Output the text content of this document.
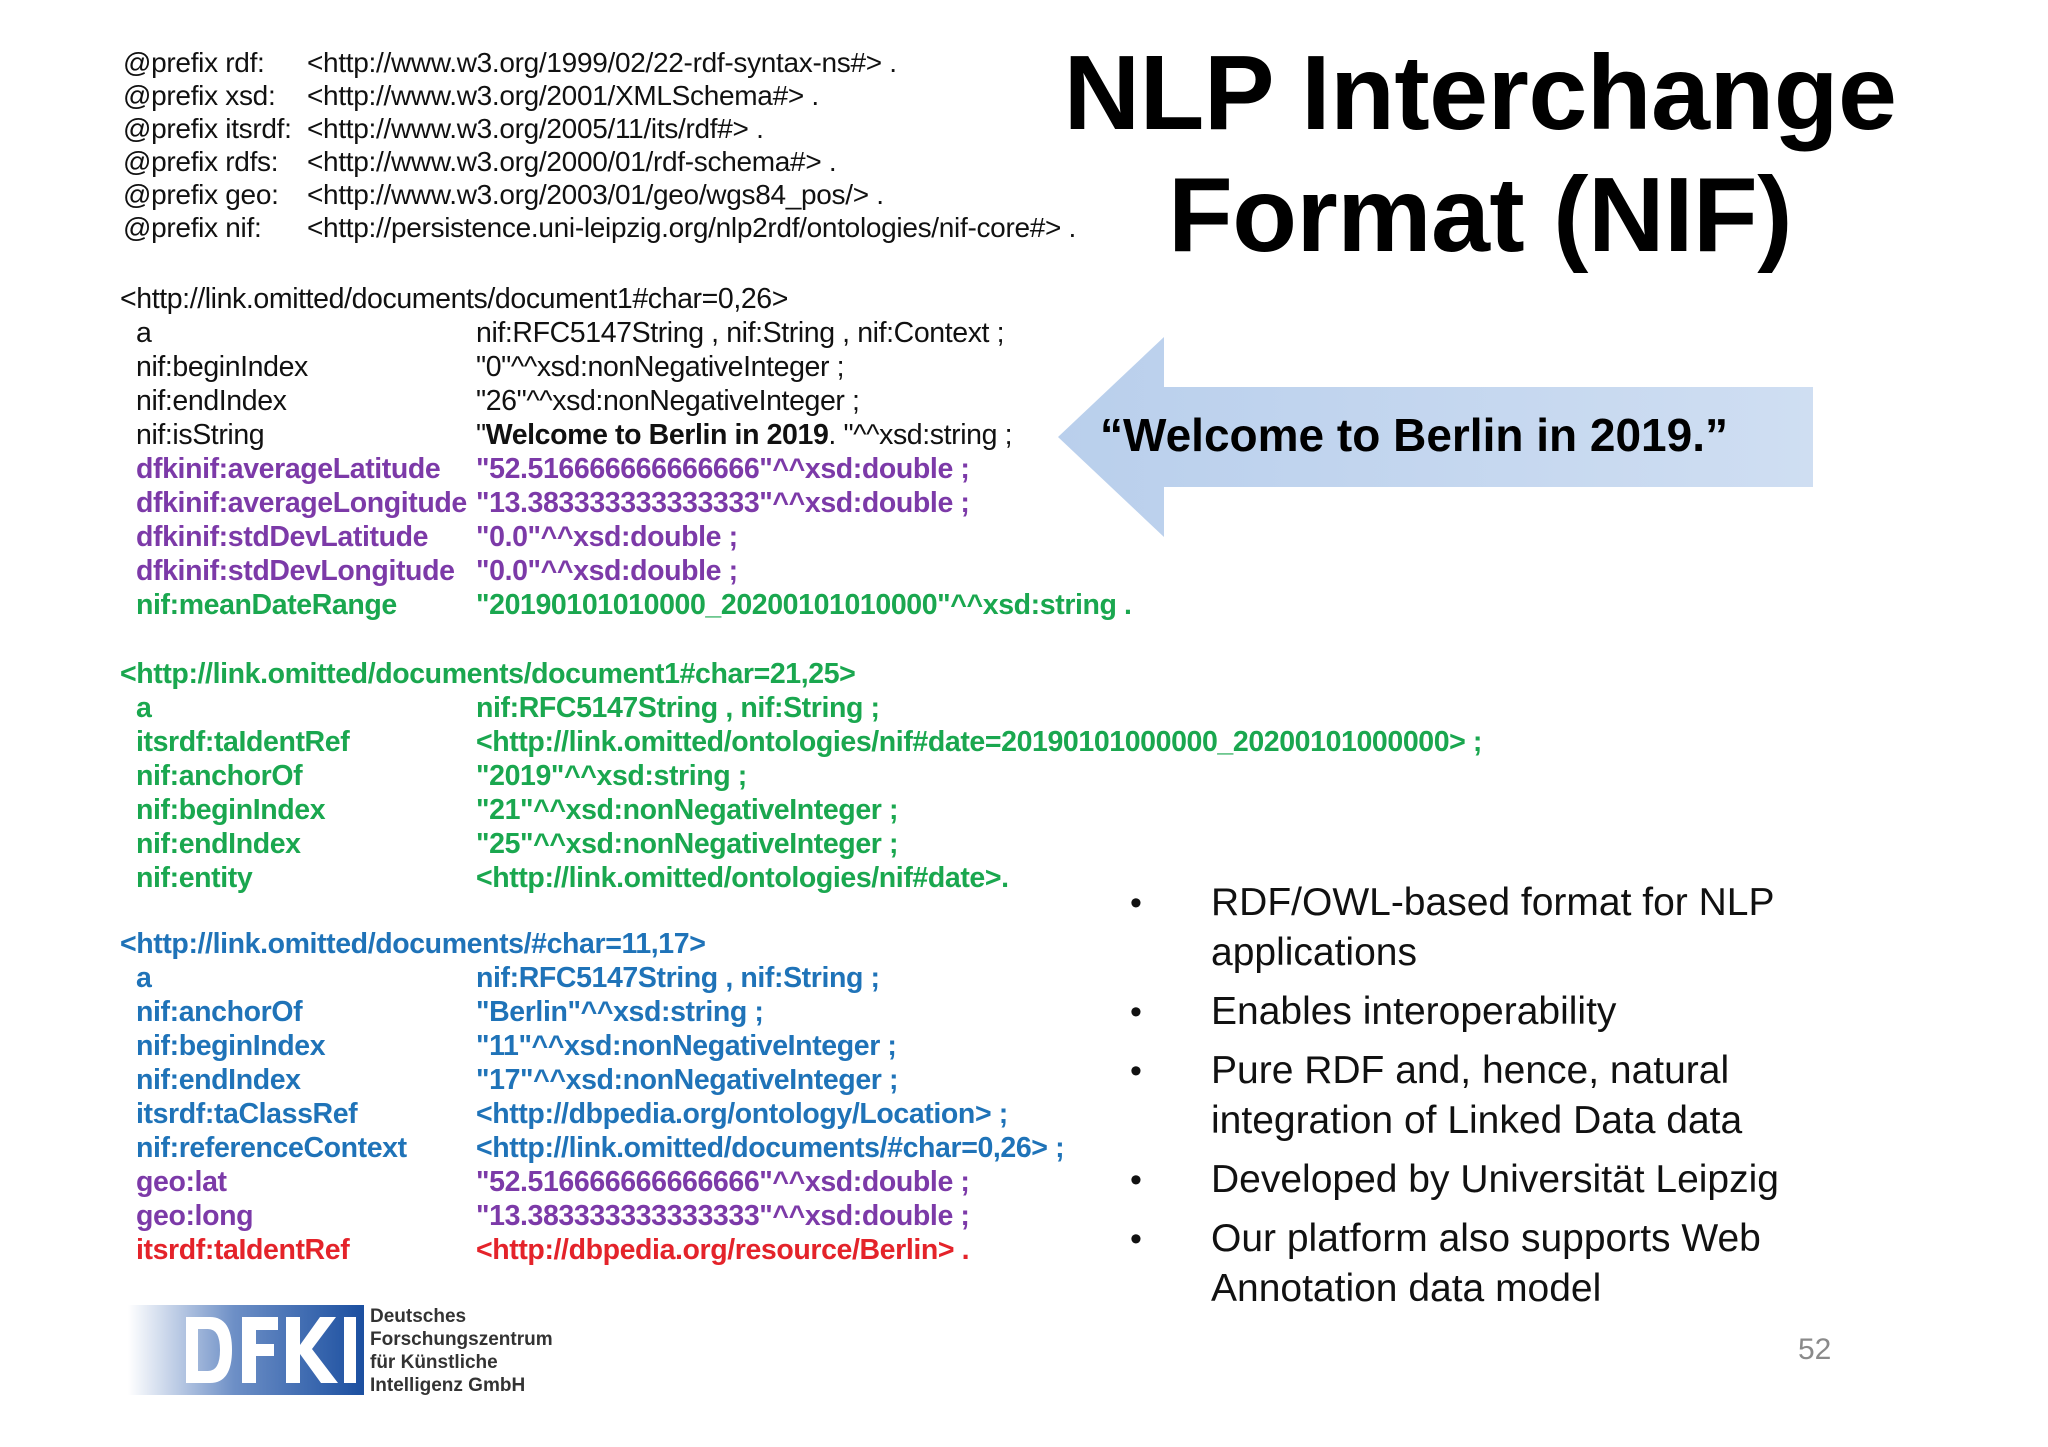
@prefix rdf:	<http://www.w3.org/1999/02/22-rdf-syntax-ns#> .
@prefix xsd:	<http://www.w3.org/2001/XMLSchema#> .
@prefix itsrdf: <http://www.w3.org/2005/11/its/rdf#> .
@prefix rdfs:	<http://www.w3.org/2000/01/rdf-schema#> .
@prefix geo:	<http://www.w3.org/2003/01/geo/wgs84_pos/> .
@prefix nif:	<http://persistence.uni-leipzig.org/nlp2rdf/ontologies/nif-core#> .
NLP Interchange
Format (NIF)
<http://link.omitted/documents/document1#char=0,26>
a	nif:RFC5147String , nif:String , nif:Context ;
nif:beginIndex	"0"^^xsd:nonNegativeInteger ;
nif:endIndex	"26"^^xsd:nonNegativeInteger ;
nif:isString	"Welcome to Berlin in 2019. "^^xsd:string ;
dfkinif:averageLatitude	"52.516666666666666"^^xsd:double ;
dfkinif:averageLongitude "13.383333333333333"^^xsd:double ;
dfkinif:stdDevLatitude	"0.0"^^xsd:double ;
dfkinif:stdDevLongitude "0.0"^^xsd:double ;
nif:meanDateRange	"20190101010000_20200101010000"^^xsd:string .
<http://link.omitted/documents/document1#char=21,25>
a	nif:RFC5147String , nif:String ;
itsrdf:taIdentRef	<http://link.omitted/ontologies/nif#date=20190101000000_20200101000000> ;
nif:anchorOf	"2019"^^xsd:string ;
nif:beginIndex	"21"^^xsd:nonNegativeInteger ;
nif:endIndex	"25"^^xsd:nonNegativeInteger ;
nif:entity	<http://link.omitted/ontologies/nif#date>.
<http://link.omitted/documents/#char=11,17>
a	nif:RFC5147String , nif:String ;
nif:anchorOf	"Berlin"^^xsd:string ;
nif:beginIndex	"11"^^xsd:nonNegativeInteger ;
nif:endIndex	"17"^^xsd:nonNegativeInteger ;
itsrdf:taClassRef	<http://dbpedia.org/ontology/Location> ;
nif:referenceContext	<http://link.omitted/documents/#char=0,26> ;
geo:lat	"52.516666666666666"^^xsd:double ;
geo:long	"13.383333333333333"^^xsd:double ;
itsrdf:taIdentRef	<http://dbpedia.org/resource/Berlin> .
“Welcome to Berlin in 2019.”
•	RDF/OWL-based format for NLP applications
•	Enables interoperability
•	Pure RDF and, hence, natural integration of Linked Data data
•	Developed by Universität Leipzig
•	Our platform also supports Web Annotation data model
Deutsches
Forschungszentrum
für Künstliche
Intelligenz GmbH
52
